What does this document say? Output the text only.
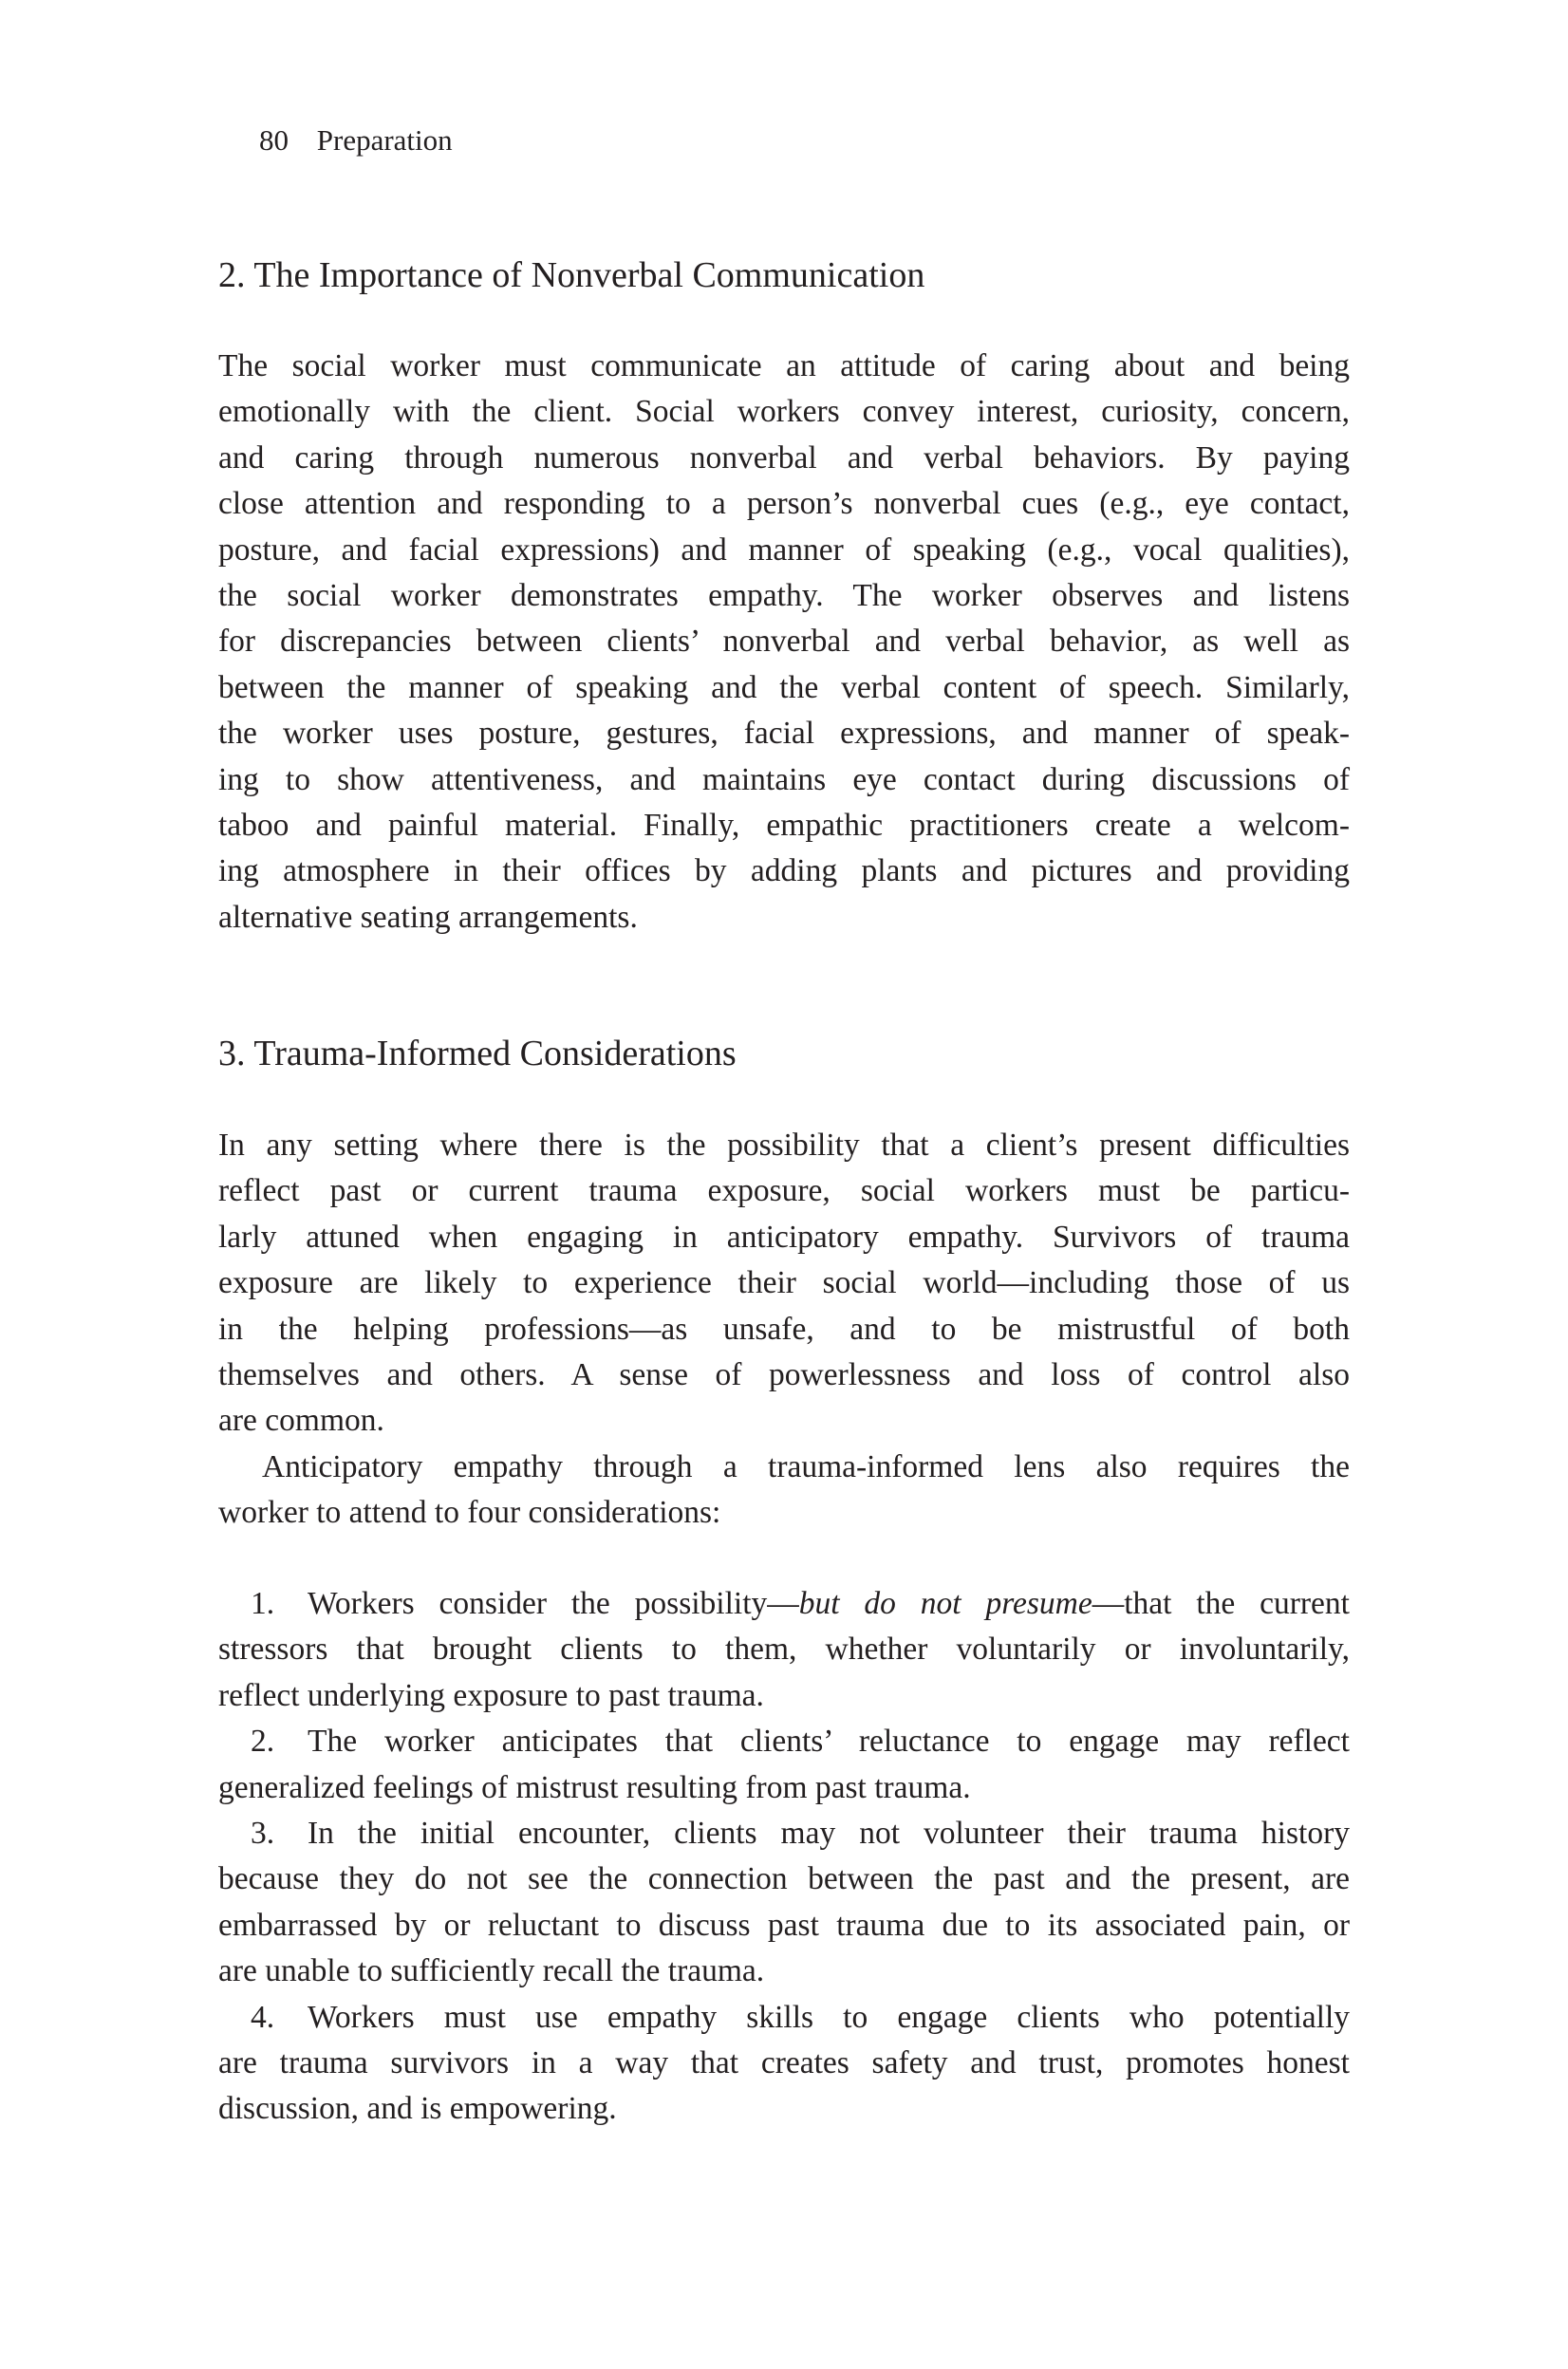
80 Preparation
2. The Importance of Nonverbal Communication
The social worker must communicate an attitude of caring about and being
emotionally with the client. Social workers convey interest, curiosity, concern,
and caring through numerous nonverbal and verbal behaviors. By paying
close attention and responding to a person’s nonverbal cues (e.g., eye contact,
posture, and facial expressions) and manner of speaking (e.g., vocal qualities),
the social worker demonstrates empathy. The worker observes and listens
for discrepancies between clients’ nonverbal and verbal behavior, as well as
between the manner of speaking and the verbal content of speech. Similarly,
the worker uses posture, gestures, facial expressions, and manner of speak-
ing to show attentiveness, and maintains eye contact during discussions of
taboo and painful material. Finally, empathic practitioners create a welcom-
ing atmosphere in their offices by adding plants and pictures and providing
alternative seating arrangements.
3. Trauma-Informed Considerations
In any setting where there is the possibility that a client’s present difficulties
reflect past or current trauma exposure, social workers must be particu-
larly attuned when engaging in anticipatory empathy. Survivors of trauma
exposure are likely to experience their social world—including those of us
in the helping professions—as unsafe, and to be mistrustful of both
themselves and others. A sense of powerlessness and loss of control also
are common.
Anticipatory empathy through a trauma-informed lens also requires the
worker to attend to four considerations:
1. Workers consider the possibility—but do not presume—that the current
stressors that brought clients to them, whether voluntarily or involuntarily,
reflect underlying exposure to past trauma.
2. The worker anticipates that clients’ reluctance to engage may reflect
generalized feelings of mistrust resulting from past trauma.
3. In the initial encounter, clients may not volunteer their trauma history
because they do not see the connection between the past and the present, are
embarrassed by or reluctant to discuss past trauma due to its associated pain, or
are unable to sufficiently recall the trauma.
4. Workers must use empathy skills to engage clients who potentially
are trauma survivors in a way that creates safety and trust, promotes honest
discussion, and is empowering.
